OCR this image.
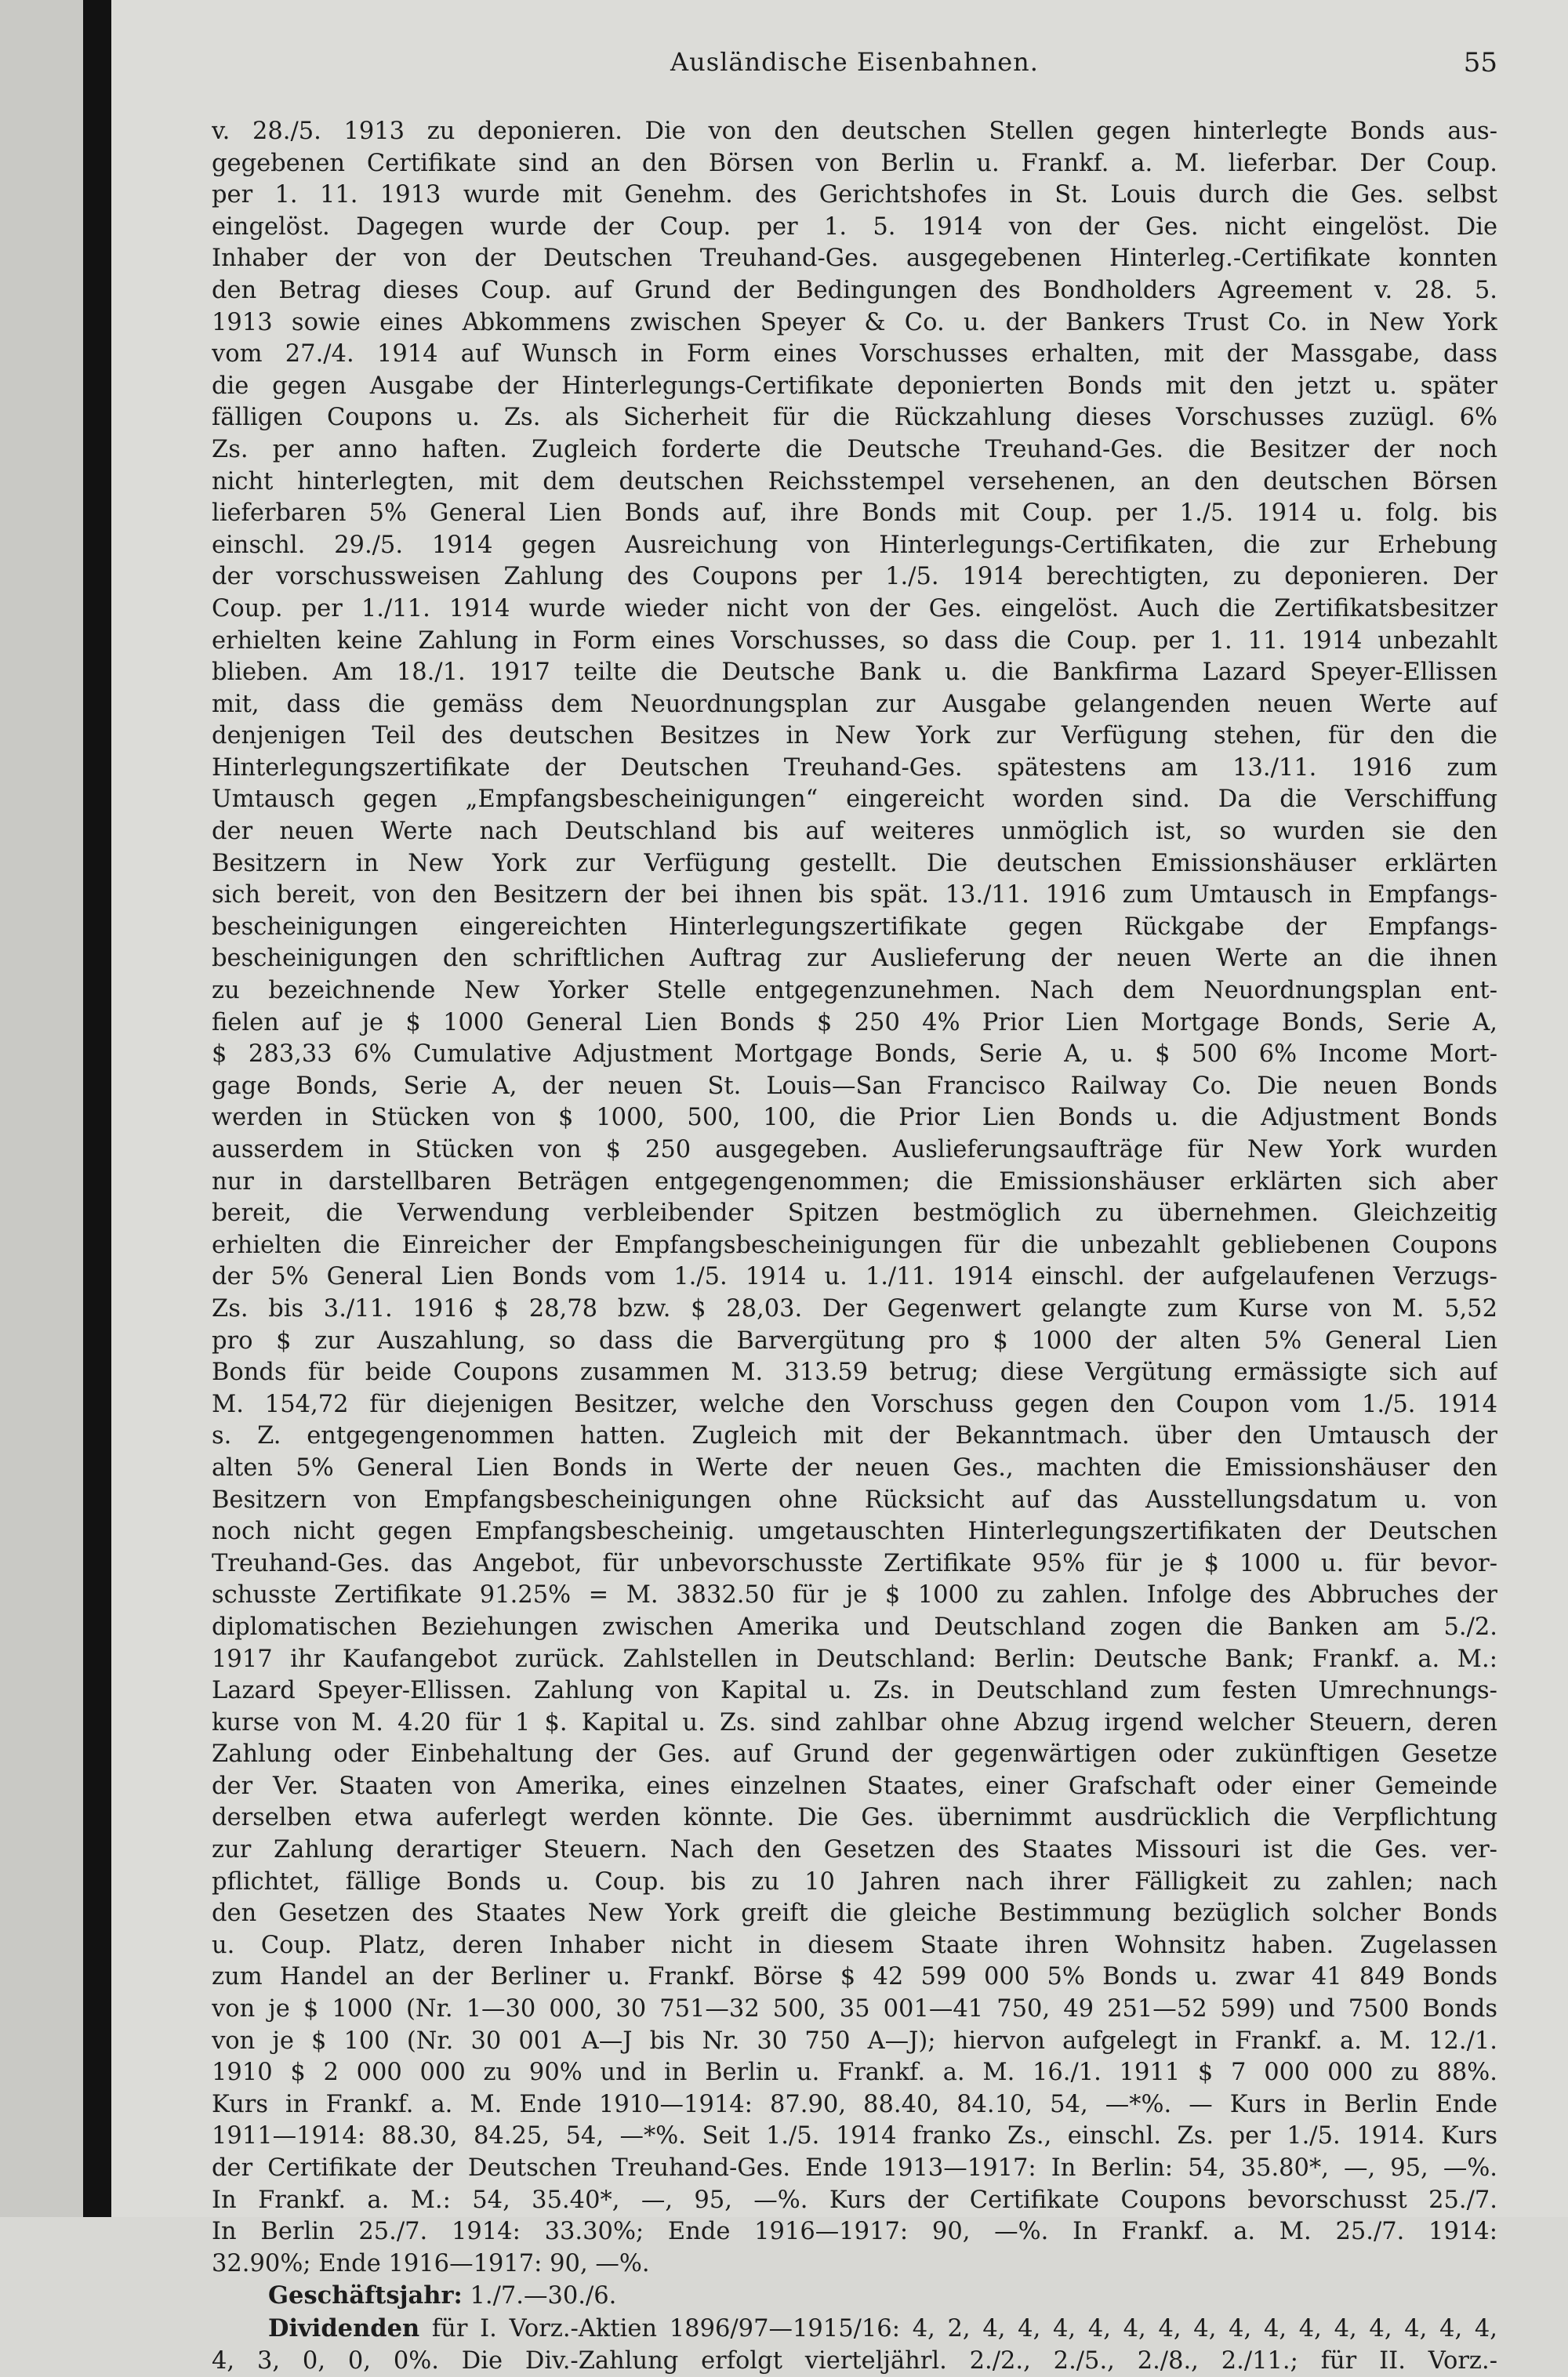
Ausländische Eisenbahnen.	55
v. 28./5. 1913 zu deponieren. Die von den deutschen Stellen gegen hinterlegte Bonds aus-
gegebenen Certifikate sind an den Börsen von Berlin u. Frankf. a. M. lieferbar. Der Coup.
per 1. 11. 1913 wurde mit Genehm. des Gerichtshofes in St. Louis durch die Ges. selbst
eingelöst. Dagegen wurde der Coup. per 1. 5. 1914 von der Ges. nicht eingelöst. Die
Inhaber der von der Deutschen Treuhand-Ges. ausgegebenen Hinterleg.-Certifikate konnten
den Betrag dieses Coup. auf Grund der Bedingungen des Bondholders Agreement v. 28. 5.
1913 sowie eines Abkommens zwischen Speyer & Co. u. der Bankers Trust Co. in New York
vom 27./4. 1914 auf Wunsch in Form eines Vorschusses erhalten, mit der Massgabe, dass
die gegen Ausgabe der Hinterlegungs-Certifikate deponierten Bonds mit den jetzt u. später
fälligen Coupons u. Zs. als Sicherheit für die Rückzahlung dieses Vorschusses zuzügl. 6%
Zs. per anno haften. Zugleich forderte die Deutsche Treuhand-Ges. die Besitzer der noch
nicht hinterlegten, mit dem deutschen Reichsstempel versehenen, an den deutschen Börsen
lieferbaren 5% General Lien Bonds auf, ihre Bonds mit Coup. per 1./5. 1914 u. folg. bis
einschl. 29./5. 1914 gegen Ausreichung von Hinterlegungs-Certifikaten, die zur Erhebung
der vorschussweisen Zahlung des Coupons per 1./5. 1914 berechtigten, zu deponieren. Der
Coup. per 1./11. 1914 wurde wieder nicht von der Ges. eingelöst. Auch die Zertifikatsbesitzer
erhielten keine Zahlung in Form eines Vorschusses, so dass die Coup. per 1. 11. 1914 unbezahlt
blieben. Am 18./1. 1917 teilte die Deutsche Bank u. die Bankfirma Lazard Speyer-Ellissen
mit, dass die gemäss dem Neuordnungsplan zur Ausgabe gelangenden neuen Werte auf
denjenigen Teil des deutschen Besitzes in New York zur Verfügung stehen, für den die
Hinterlegungszertifikate der Deutschen Treuhand-Ges. spätestens am 13./11. 1916 zum
Umtausch gegen „Empfangsbescheinigungen“ eingereicht worden sind. Da die Verschiffung
der neuen Werte nach Deutschland bis auf weiteres unmöglich ist, so wurden sie den
Besitzern in New York zur Verfügung gestellt. Die deutschen Emissionshäuser erklärten
sich bereit, von den Besitzern der bei ihnen bis spät. 13./11. 1916 zum Umtausch in Empfangs-
bescheinigungen eingereichten Hinterlegungszertifikate gegen Rückgabe der Empfangs-
bescheinigungen den schriftlichen Auftrag zur Auslieferung der neuen Werte an die ihnen
zu bezeichnende New Yorker Stelle entgegenzunehmen. Nach dem Neuordnungsplan ent-
fielen auf je $ 1000 General Lien Bonds $ 250 4% Prior Lien Mortgage Bonds, Serie A,
$ 283,33 6% Cumulative Adjustment Mortgage Bonds, Serie A, u. $ 500 6% Income Mort-
gage Bonds, Serie A, der neuen St. Louis—San Francisco Railway Co. Die neuen Bonds
werden in Stücken von $ 1000, 500, 100, die Prior Lien Bonds u. die Adjustment Bonds
ausserdem in Stücken von $ 250 ausgegeben. Auslieferungsaufträge für New York wurden
nur in darstellbaren Beträgen entgegengenommen; die Emissionshäuser erklärten sich aber
bereit, die Verwendung verbleibender Spitzen bestmöglich zu übernehmen. Gleichzeitig
erhielten die Einreicher der Empfangsbescheinigungen für die unbezahlt gebliebenen Coupons
der 5% General Lien Bonds vom 1./5. 1914 u. 1./11. 1914 einschl. der aufgelaufenen Verzugs-
Zs. bis 3./11. 1916 $ 28,78 bzw. $ 28,03. Der Gegenwert gelangte zum Kurse von M. 5,52
pro $ zur Auszahlung, so dass die Barvergütung pro $ 1000 der alten 5% General Lien
Bonds für beide Coupons zusammen M. 313.59 betrug; diese Vergütung ermässigte sich auf
M. 154,72 für diejenigen Besitzer, welche den Vorschuss gegen den Coupon vom 1./5. 1914
s. Z. entgegengenommen hatten. Zugleich mit der Bekanntmach. über den Umtausch der
alten 5% General Lien Bonds in Werte der neuen Ges., machten die Emissionshäuser den
Besitzern von Empfangsbescheinigungen ohne Rücksicht auf das Ausstellungsdatum u. von
noch nicht gegen Empfangsbescheinig. umgetauschten Hinterlegungszertifikaten der Deutschen
Treuhand-Ges. das Angebot, für unbevorschusste Zertifikate 95% für je $ 1000 u. für bevor-
schusste Zertifikate 91.25% = M. 3832.50 für je $ 1000 zu zahlen. Infolge des Abbruches der
diplomatischen Beziehungen zwischen Amerika und Deutschland zogen die Banken am 5./2.
1917 ihr Kaufangebot zurück. Zahlstellen in Deutschland: Berlin: Deutsche Bank; Frankf. a. M.:
Lazard Speyer-Ellissen. Zahlung von Kapital u. Zs. in Deutschland zum festen Umrechnungs-
kurse von M. 4.20 für 1 $. Kapital u. Zs. sind zahlbar ohne Abzug irgend welcher Steuern, deren
Zahlung oder Einbehaltung der Ges. auf Grund der gegenwärtigen oder zukünftigen Gesetze
der Ver. Staaten von Amerika, eines einzelnen Staates, einer Grafschaft oder einer Gemeinde
derselben etwa auferlegt werden könnte. Die Ges. übernimmt ausdrücklich die Verpflichtung
zur Zahlung derartiger Steuern. Nach den Gesetzen des Staates Missouri ist die Ges. ver-
pflichtet, fällige Bonds u. Coup. bis zu 10 Jahren nach ihrer Fälligkeit zu zahlen; nach
den Gesetzen des Staates New York greift die gleiche Bestimmung bezüglich solcher Bonds
u. Coup. Platz, deren Inhaber nicht in diesem Staate ihren Wohnsitz haben. Zugelassen
zum Handel an der Berliner u. Frankf. Börse $ 42 599 000 5% Bonds u. zwar 41 849 Bonds
von je $ 1000 (Nr. 1—30 000, 30 751—32 500, 35 001—41 750, 49 251—52 599) und 7500 Bonds
von je $ 100 (Nr. 30 001 A—J bis Nr. 30 750 A—J); hiervon aufgelegt in Frankf. a. M. 12./1.
1910 $ 2 000 000 zu 90% und in Berlin u. Frankf. a. M. 16./1. 1911 $ 7 000 000 zu 88%.
Kurs in Frankf. a. M. Ende 1910—1914: 87.90, 88.40, 84.10, 54, —*%. — Kurs in Berlin Ende
1911—1914: 88.30, 84.25, 54, —*%. Seit 1./5. 1914 franko Zs., einschl. Zs. per 1./5. 1914. Kurs
der Certifikate der Deutschen Treuhand-Ges. Ende 1913—1917: In Berlin: 54, 35.80*, —, 95, —%.
In Frankf. a. M.: 54, 35.40*, —, 95, —%. Kurs der Certifikate Coupons bevorschusst 25./7.
In Berlin 25./7. 1914: 33.30%; Ende 1916—1917: 90, —%. In Frankf. a. M. 25./7. 1914:
32.90%; Ende 1916—1917: 90, —%.
Geschäftsjahr: 1./7.—30./6.
Dividenden für I. Vorz.-Aktien 1896/97—1915/16: 4, 2, 4, 4, 4, 4, 4, 4, 4, 4, 4, 4, 4, 4, 4, 4, 4,
4, 3, 0, 0, 0%. Die Div.-Zahlung erfolgt vierteljährl. 2./2., 2./5., 2./8., 2./11.; für II. Vorz.-
